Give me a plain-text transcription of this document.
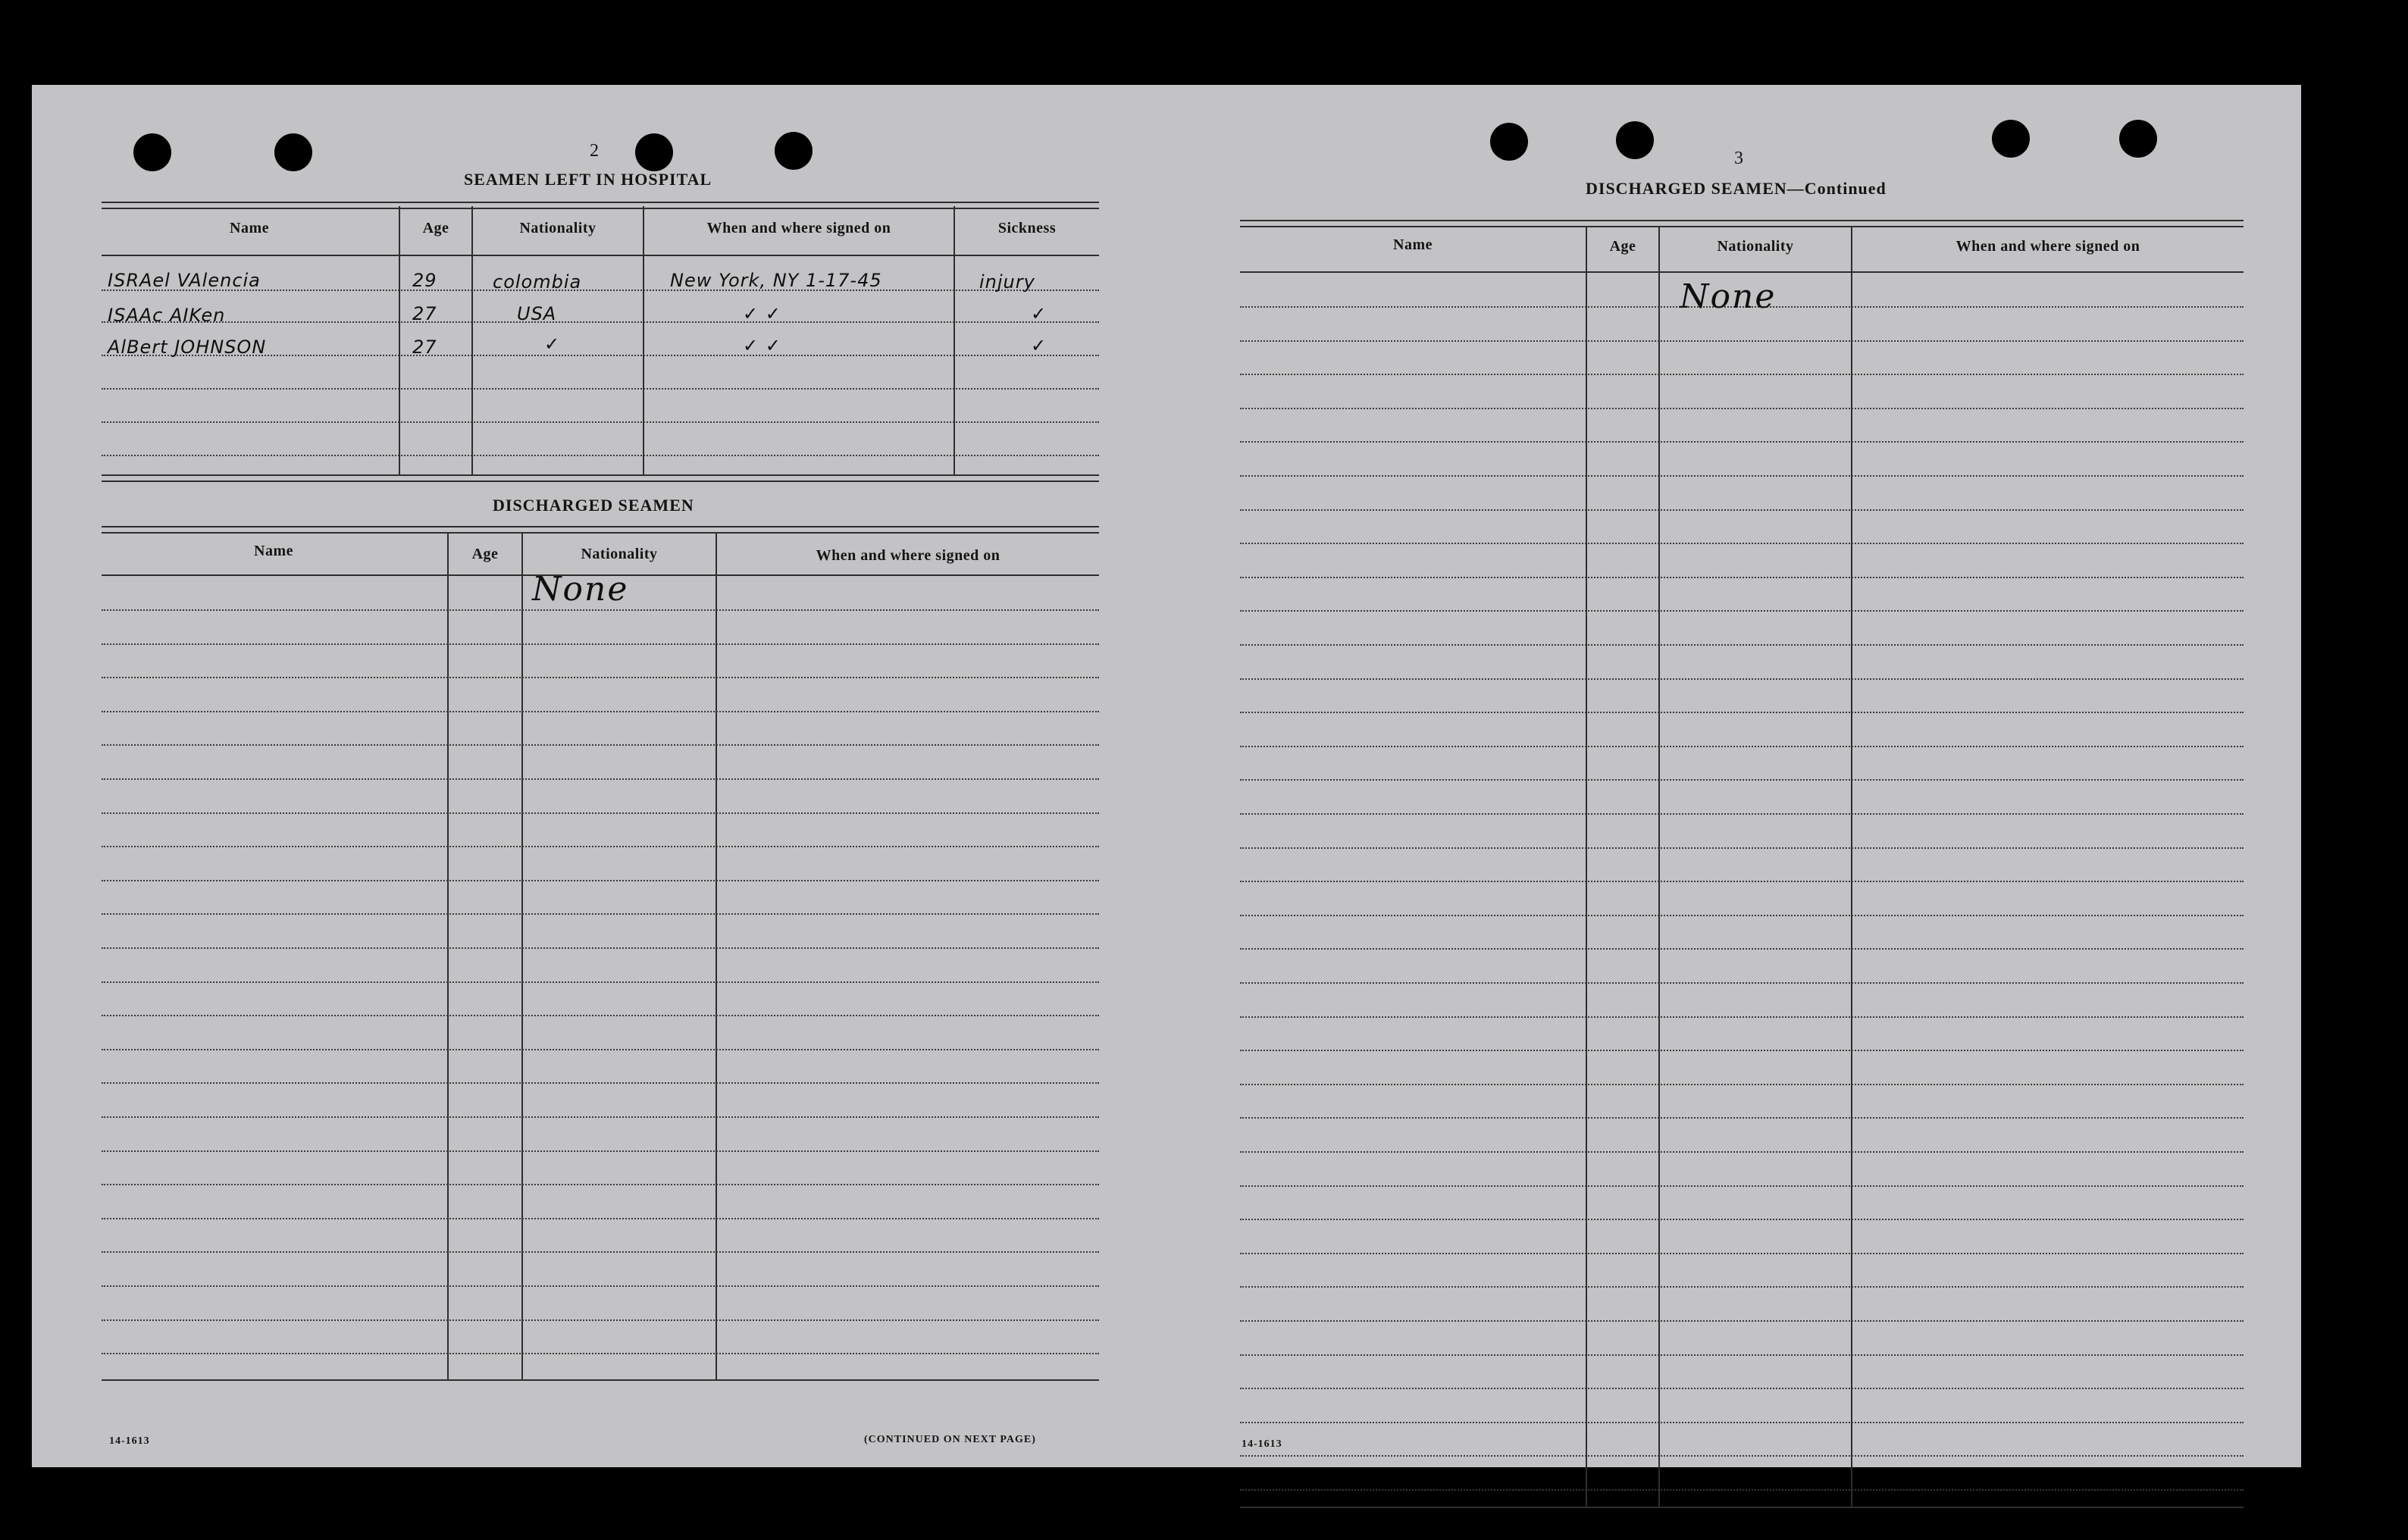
2
SEAMEN LEFT IN HOSPITAL
Name	Age	Nationality	When and where signed on	Sickness
ISRAel VAlencia	29	colombia	New York, NY 1-17-45	injury
ISAAc AIKen	27	USA	✓ ✓	✓
AlBert JOHNSON	27	✓	✓ ✓	✓
DISCHARGED SEAMEN
Name	Age	Nationality	When and where signed on
None
14-1613	(CONTINUED ON NEXT PAGE)
3
DISCHARGED SEAMEN—Continued
Name	Age	Nationality	When and where signed on
None
14-1613
